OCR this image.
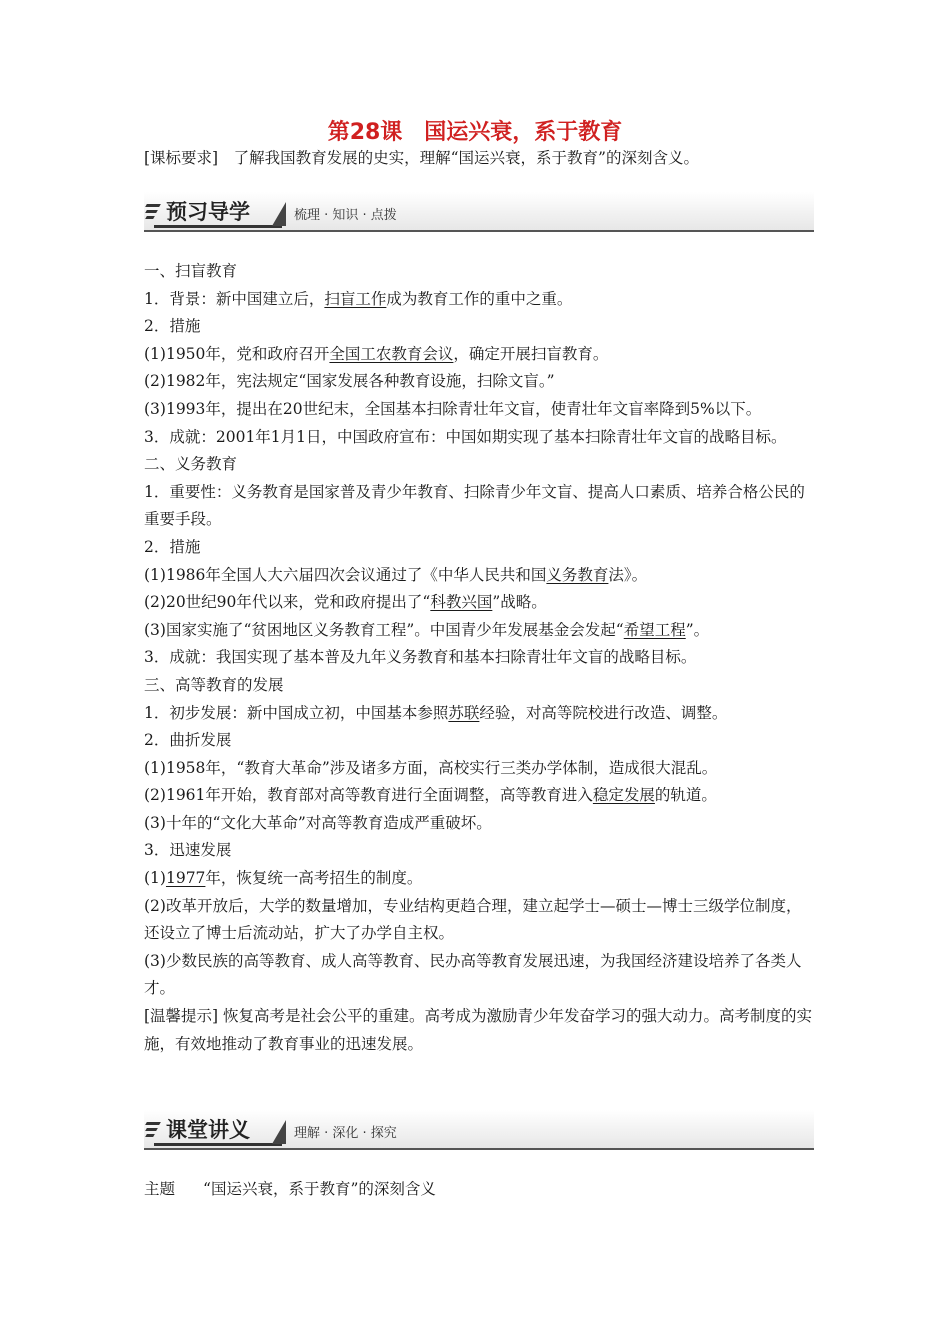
第28课　国运兴衰，系于教育
[课标要求]　了解我国教育发展的史实，理解“国运兴衰，系于教育”的深刻含义。
预习导学	梳理 · 知识 · 点拨

一、扫盲教育

1．背景：新中国建立后，扫盲工作成为教育工作的重中之重。

2．措施

(1)1950年，党和政府召开全国工农教育会议，确定开展扫盲教育。

(2)1982年，宪法规定“国家发展各种教育设施，扫除文盲。”

(3)1993年，提出在20世纪末，全国基本扫除青壮年文盲，使青壮年文盲率降到5%以下。

3．成就：2001年1月1日，中国政府宣布：中国如期实现了基本扫除青壮年文盲的战略目标。

二、义务教育

1．重要性：义务教育是国家普及青少年教育、扫除青少年文盲、提高人口素质、培养合格公民的重要手段。

2．措施

(1)1986年全国人大六届四次会议通过了《中华人民共和国义务教育法》。

(2)20世纪90年代以来，党和政府提出了“科教兴国”战略。

(3)国家实施了“贫困地区义务教育工程”。中国青少年发展基金会发起“希望工程”。

3．成就：我国实现了基本普及九年义务教育和基本扫除青壮年文盲的战略目标。

三、高等教育的发展

1．初步发展：新中国成立初，中国基本参照苏联经验，对高等院校进行改造、调整。

2．曲折发展

(1)1958年，“教育大革命”涉及诸多方面，高校实行三类办学体制，造成很大混乱。

(2)1961年开始，教育部对高等教育进行全面调整，高等教育进入稳定发展的轨道。

(3)十年的“文化大革命”对高等教育造成严重破坏。

3．迅速发展

(1)1977年，恢复统一高考招生的制度。

(2)改革开放后，大学的数量增加，专业结构更趋合理，建立起学士—硕士—博士三级学位制度，还设立了博士后流动站，扩大了办学自主权。

(3)少数民族的高等教育、成人高等教育、民办高等教育发展迅速，为我国经济建设培养了各类人才。

[温馨提示] 恢复高考是社会公平的重建。高考成为激励青少年发奋学习的强大动力。高考制度的实施，有效地推动了教育事业的迅速发展。

课堂讲义	理解 · 深化 · 探究
主题 “国运兴衰，系于教育”的深刻含义
